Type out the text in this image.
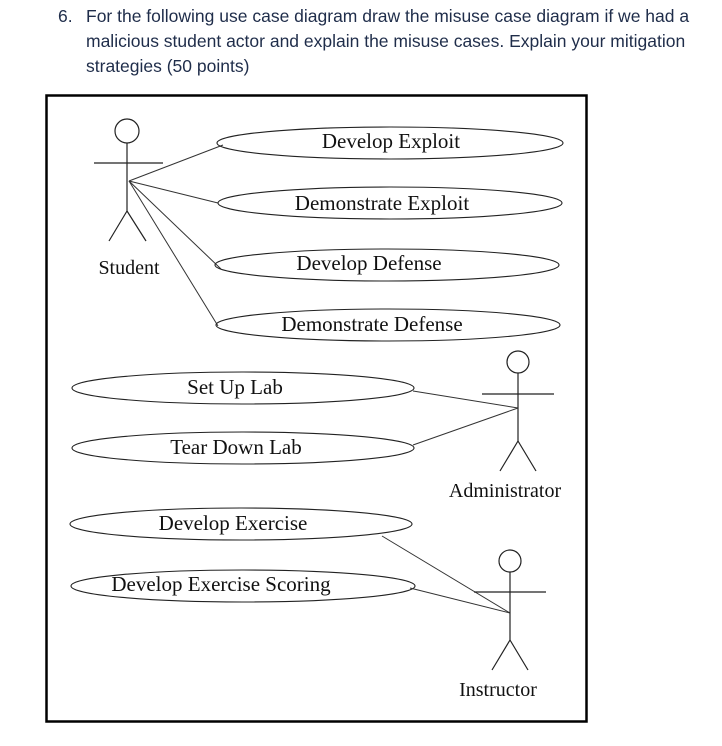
6. For the following use case diagram draw the misuse case diagram if we had a
malicious student actor and explain the misuse cases. Explain your mitigation
strategies (50 points)
Student
Develop Exploit
Demonstrate Exploit
Develop Defense
Demonstrate Defense
Set Up Lab
Tear Down Lab
Administrator
Develop Exercise
Develop Exercise Scoring
Instructor
